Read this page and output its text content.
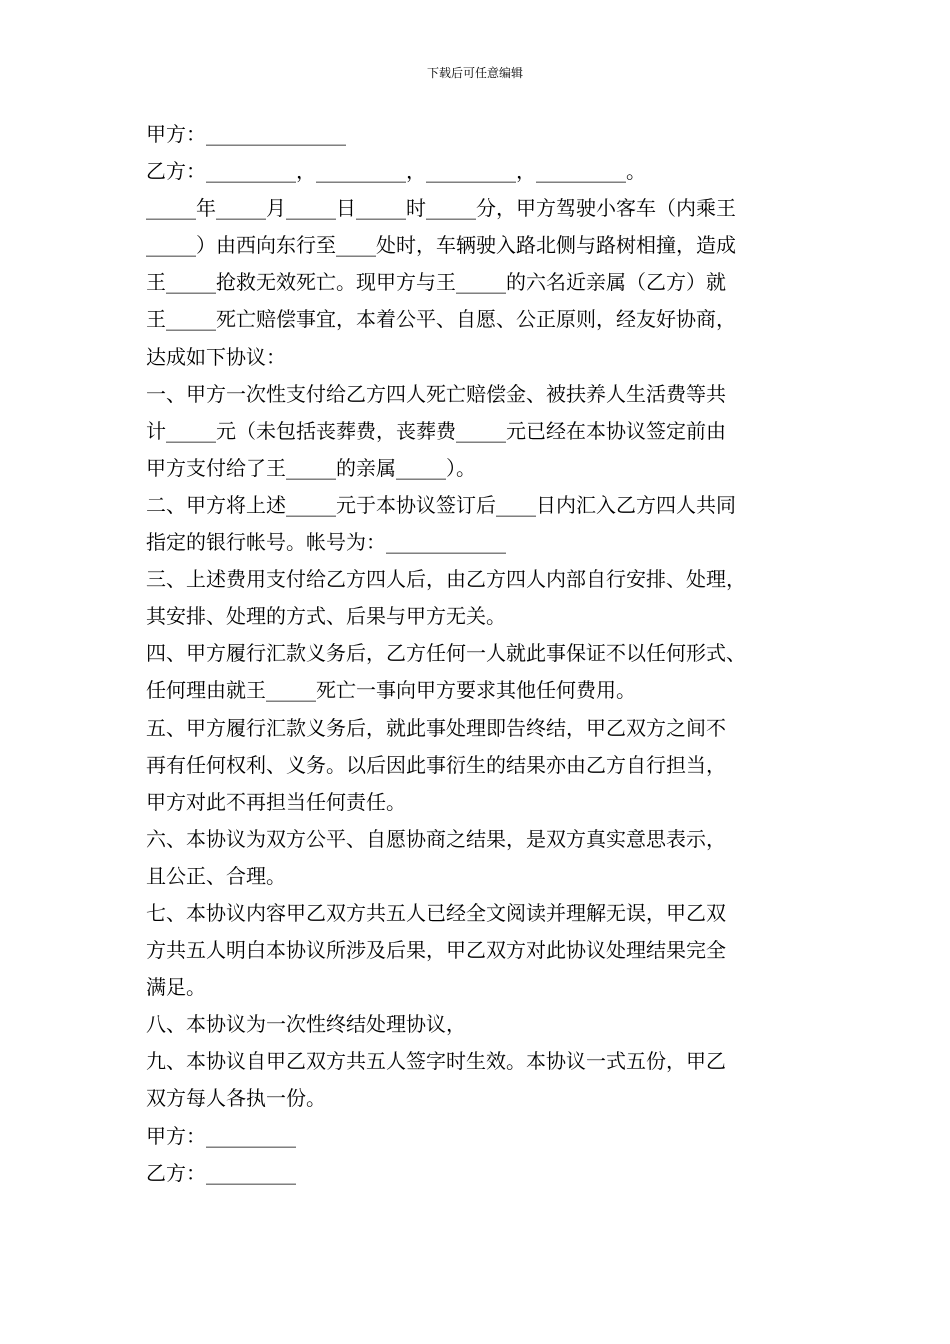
下载后可任意编辑
甲方：______________
乙方：_________，_________，_________，_________。
_____年_____月_____日_____时_____分，甲方驾驶小客车（内乘王
_____）由西向东行至____处时，车辆驶入路北侧与路树相撞，造成
王_____抢救无效死亡。现甲方与王_____的六名近亲属（乙方）就
王_____死亡赔偿事宜，本着公平、自愿、公正原则，经友好协商，
达成如下协议：
一、甲方一次性支付给乙方四人死亡赔偿金、被扶养人生活费等共
计_____元（未包括丧葬费，丧葬费_____元已经在本协议签定前由
甲方支付给了王_____的亲属_____）。
二、甲方将上述_____元于本协议签订后____日内汇入乙方四人共同
指定的银行帐号。帐号为：____________
三、上述费用支付给乙方四人后，由乙方四人内部自行安排、处理，
其安排、处理的方式、后果与甲方无关。
四、甲方履行汇款义务后，乙方任何一人就此事保证不以任何形式、
任何理由就王_____死亡一事向甲方要求其他任何费用。
五、甲方履行汇款义务后，就此事处理即告终结，甲乙双方之间不
再有任何权利、义务。以后因此事衍生的结果亦由乙方自行担当，
甲方对此不再担当任何责任。
六、本协议为双方公平、自愿协商之结果，是双方真实意思表示，
且公正、合理。
七、本协议内容甲乙双方共五人已经全文阅读并理解无误，甲乙双
方共五人明白本协议所涉及后果，甲乙双方对此协议处理结果完全
满足。
八、本协议为一次性终结处理协议，
九、本协议自甲乙双方共五人签字时生效。本协议一式五份，甲乙
双方每人各执一份。
甲方：_________
乙方：_________
